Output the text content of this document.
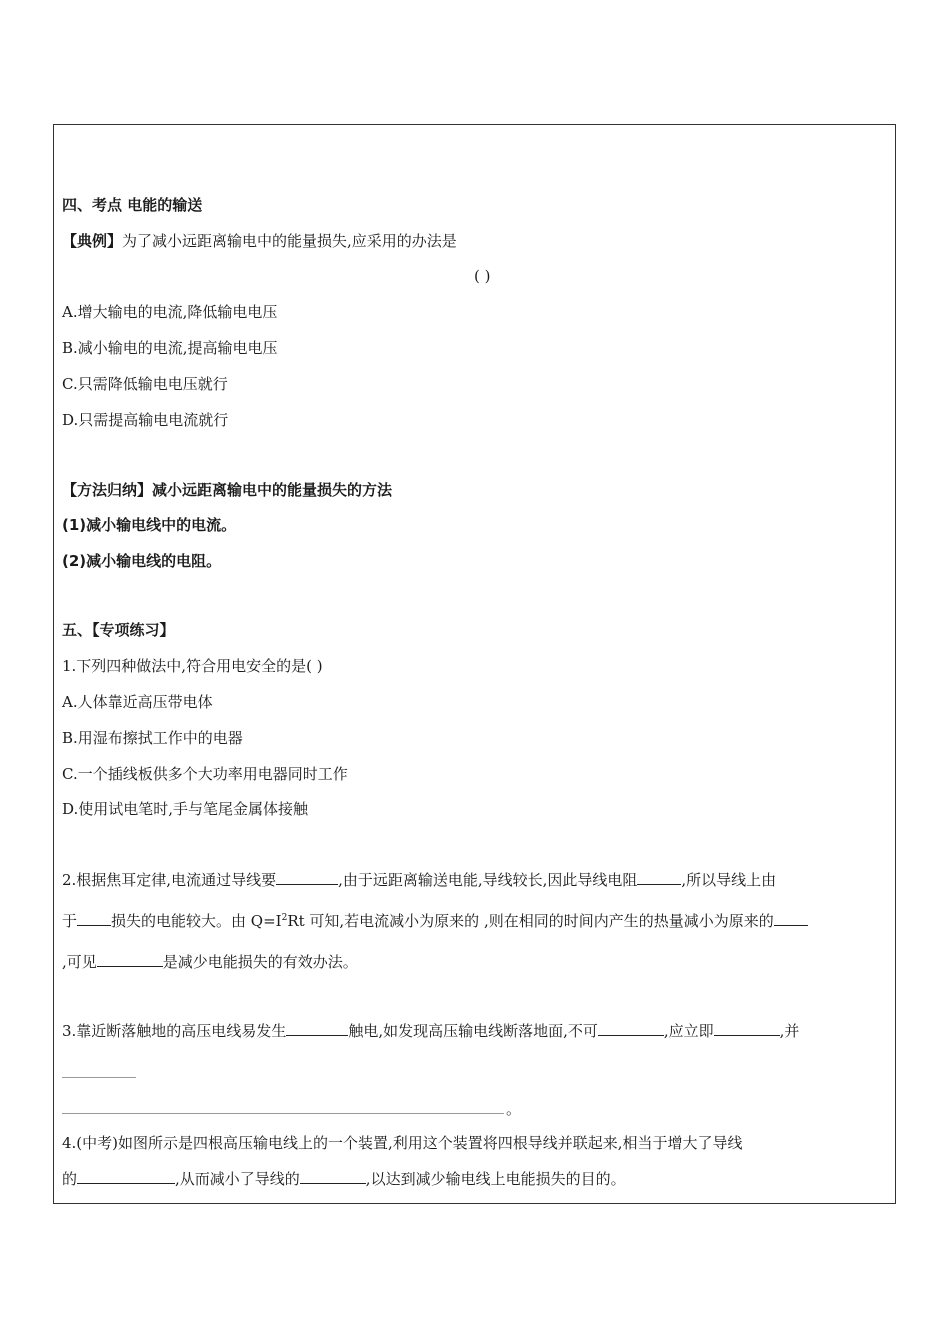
四、考点 电能的输送
【典例】为了减小远距离输电中的能量损失,应采用的办法是
( )
A.增大输电的电流,降低输电电压
B.减小输电的电流,提高输电电压
C.只需降低输电电压就行
D.只需提高输电电流就行
【方法归纳】减小远距离输电中的能量损失的方法
(1)减小输电线中的电流。
(2)减小输电线的电阻。
五、【专项练习】
1.下列四种做法中,符合用电安全的是( )
A.人体靠近高压带电体
B.用湿布擦拭工作中的电器
C.一个插线板供多个大功率用电器同时工作
D.使用试电笔时,手与笔尾金属体接触
2.根据焦耳定律,电流通过导线要	,由于远距离输送电能,导线较长,因此导线电阻	,所以导线上由
于 损失的电能较大。由 $Q=I^2Rt$ 可知,若电流减小为原来的 ,则在相同的时间内产生的热量减小为原来的
,可见	是减少电能损失的有效办法。
3.靠近断落触地的高压电线易发生	触电,如发现高压输电线断落地面,不可	,应立即	,并
。
4.(中考)如图所示是四根高压输电线上的一个装置,利用这个装置将四根导线并联起来,相当于增大了导线
的	,从而减小了导线的	,以达到减少输电线上电能损失的目的。
